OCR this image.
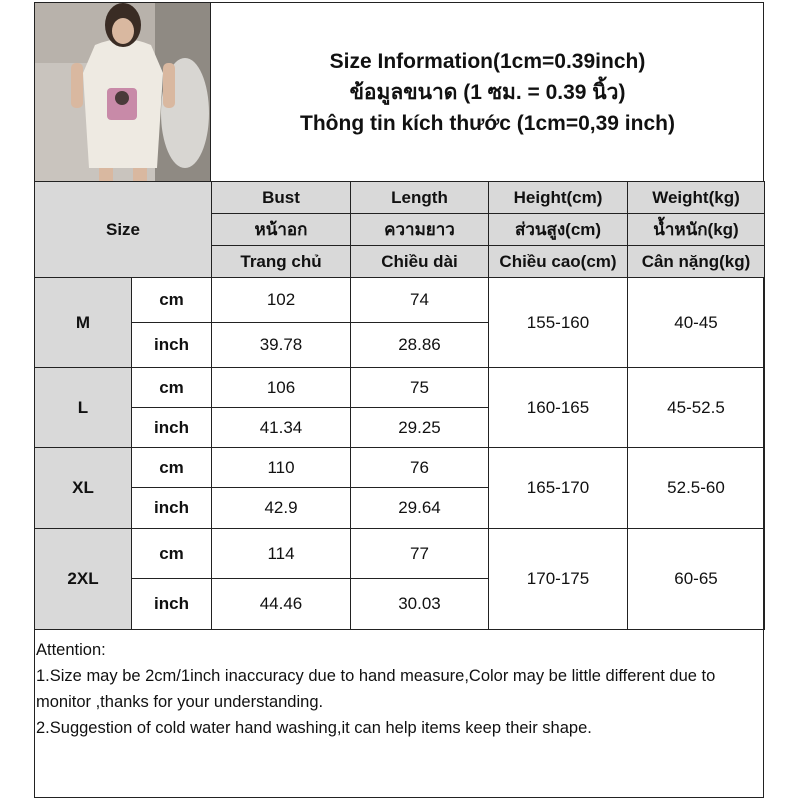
Size Information(1cm=0.39inch)
ข้อมูลขนาด (1 ซม. = 0.39 นิ้ว)
Thông tin kích thước (1cm=0,39 inch)
Size		Bust	Length	Height(cm)	Weight(kg)
		หน้าอก	ความยาว	ส่วนสูง(cm)	น้ำหนัก(kg)
		Trang chủ	Chiều dài	Chiều cao(cm)	Cân nặng(kg)
M	cm	102	74	155-160	40-45
	inch	39.78	28.86		
L	cm	106	75	160-165	45-52.5
	inch	41.34	29.25		
XL	cm	110	76	165-170	52.5-60
	inch	42.9	29.64		
2XL	cm	114	77	170-175	60-65
	inch	44.46	30.03		
Attention:
1.Size may be 2cm/1inch inaccuracy due to hand measure,Color may be little different due to monitor ,thanks for your understanding.
2.Suggestion of cold water hand washing,it can help items keep their shape.
